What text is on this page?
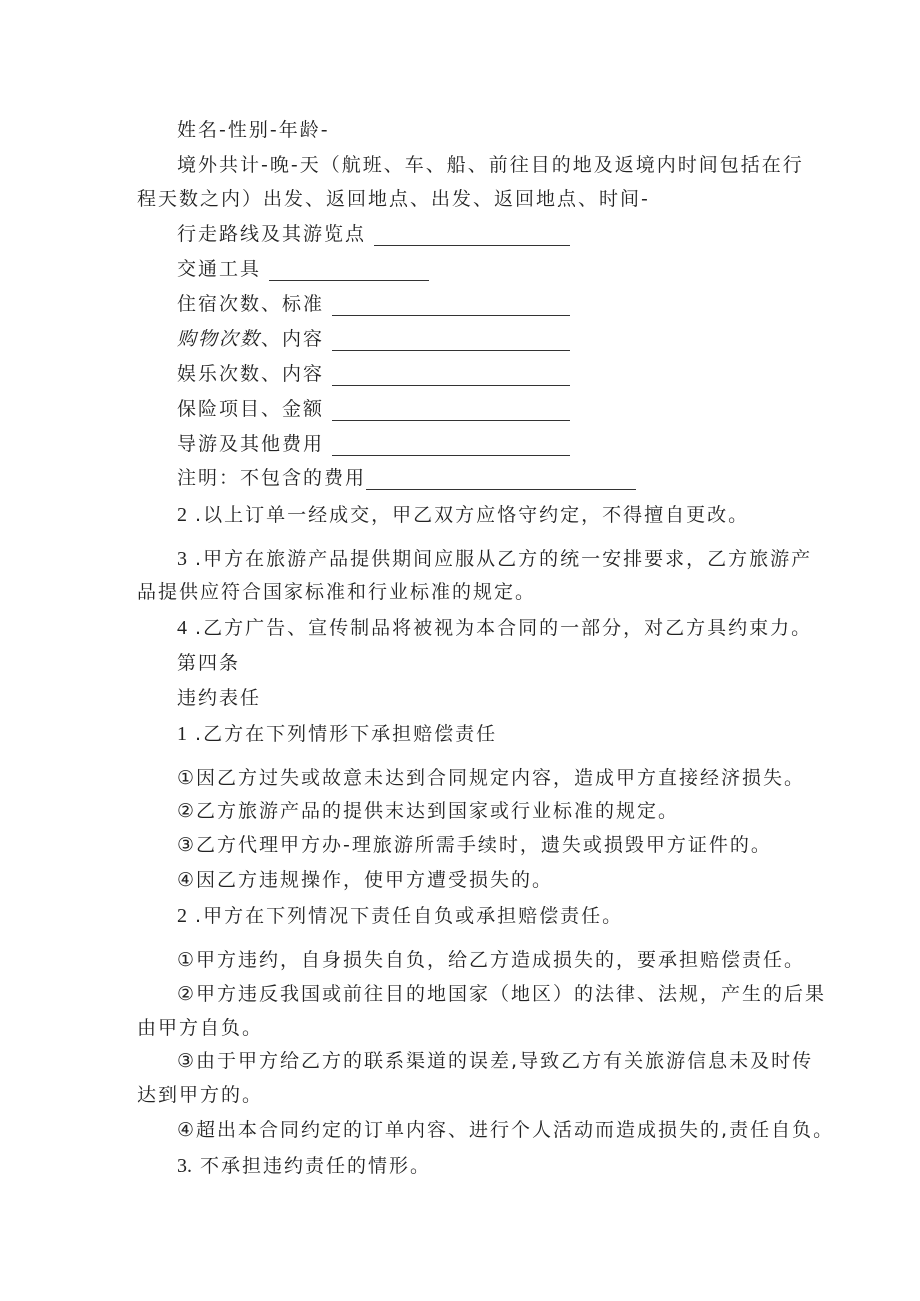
姓名-性别-年龄-
境外共计-晚-天（航班、车、船、前往目的地及返境内时间包括在行
程天数之内）出发、返回地点、出发、返回地点、时间-
行走路线及其游览点
交通工具
住宿次数、标准
购物次数 、内容
娱乐次数、内容
保险项目、金额
导游及其他费用
注明：不包含的费用
2 .以上订单一经成交，甲乙双方应恪守约定，不得擅自更改。
3 .甲方在旅游产品提供期间应服从乙方的统一安排要求，乙方旅游产
品提供应符合国家标准和行业标准的规定。
4 .乙方广告、宣传制品将被视为本合同的一部分，对乙方具约束力。
第四条
违约表任
1 .乙方在下列情形下承担赔偿责任
①因乙方过失或故意未达到合同规定内容，造成甲方直接经济损失。
②乙方旅游产品的提供末达到国家或行业标准的规定。
③乙方代理甲方办-理旅游所需手续时，遗失或损毁甲方证件的。
④因乙方违规操作，使甲方遭受损失的。
2 .甲方在下列情况下责任自负或承担赔偿责任。
①甲方违约，自身损失自负，给乙方造成损失的，要承担赔偿责任。
②甲方违反我国或前往目的地国家（地区）的法律、法规，产生的后果
由甲方自负。
③由于甲方给乙方的联系渠道的误差,导致乙方有关旅游信息未及时传
达到甲方的。
④超出本合同约定的订单内容、进行个人活动而造成损失的,责任自负。
3. 不承担违约责任的情形。
